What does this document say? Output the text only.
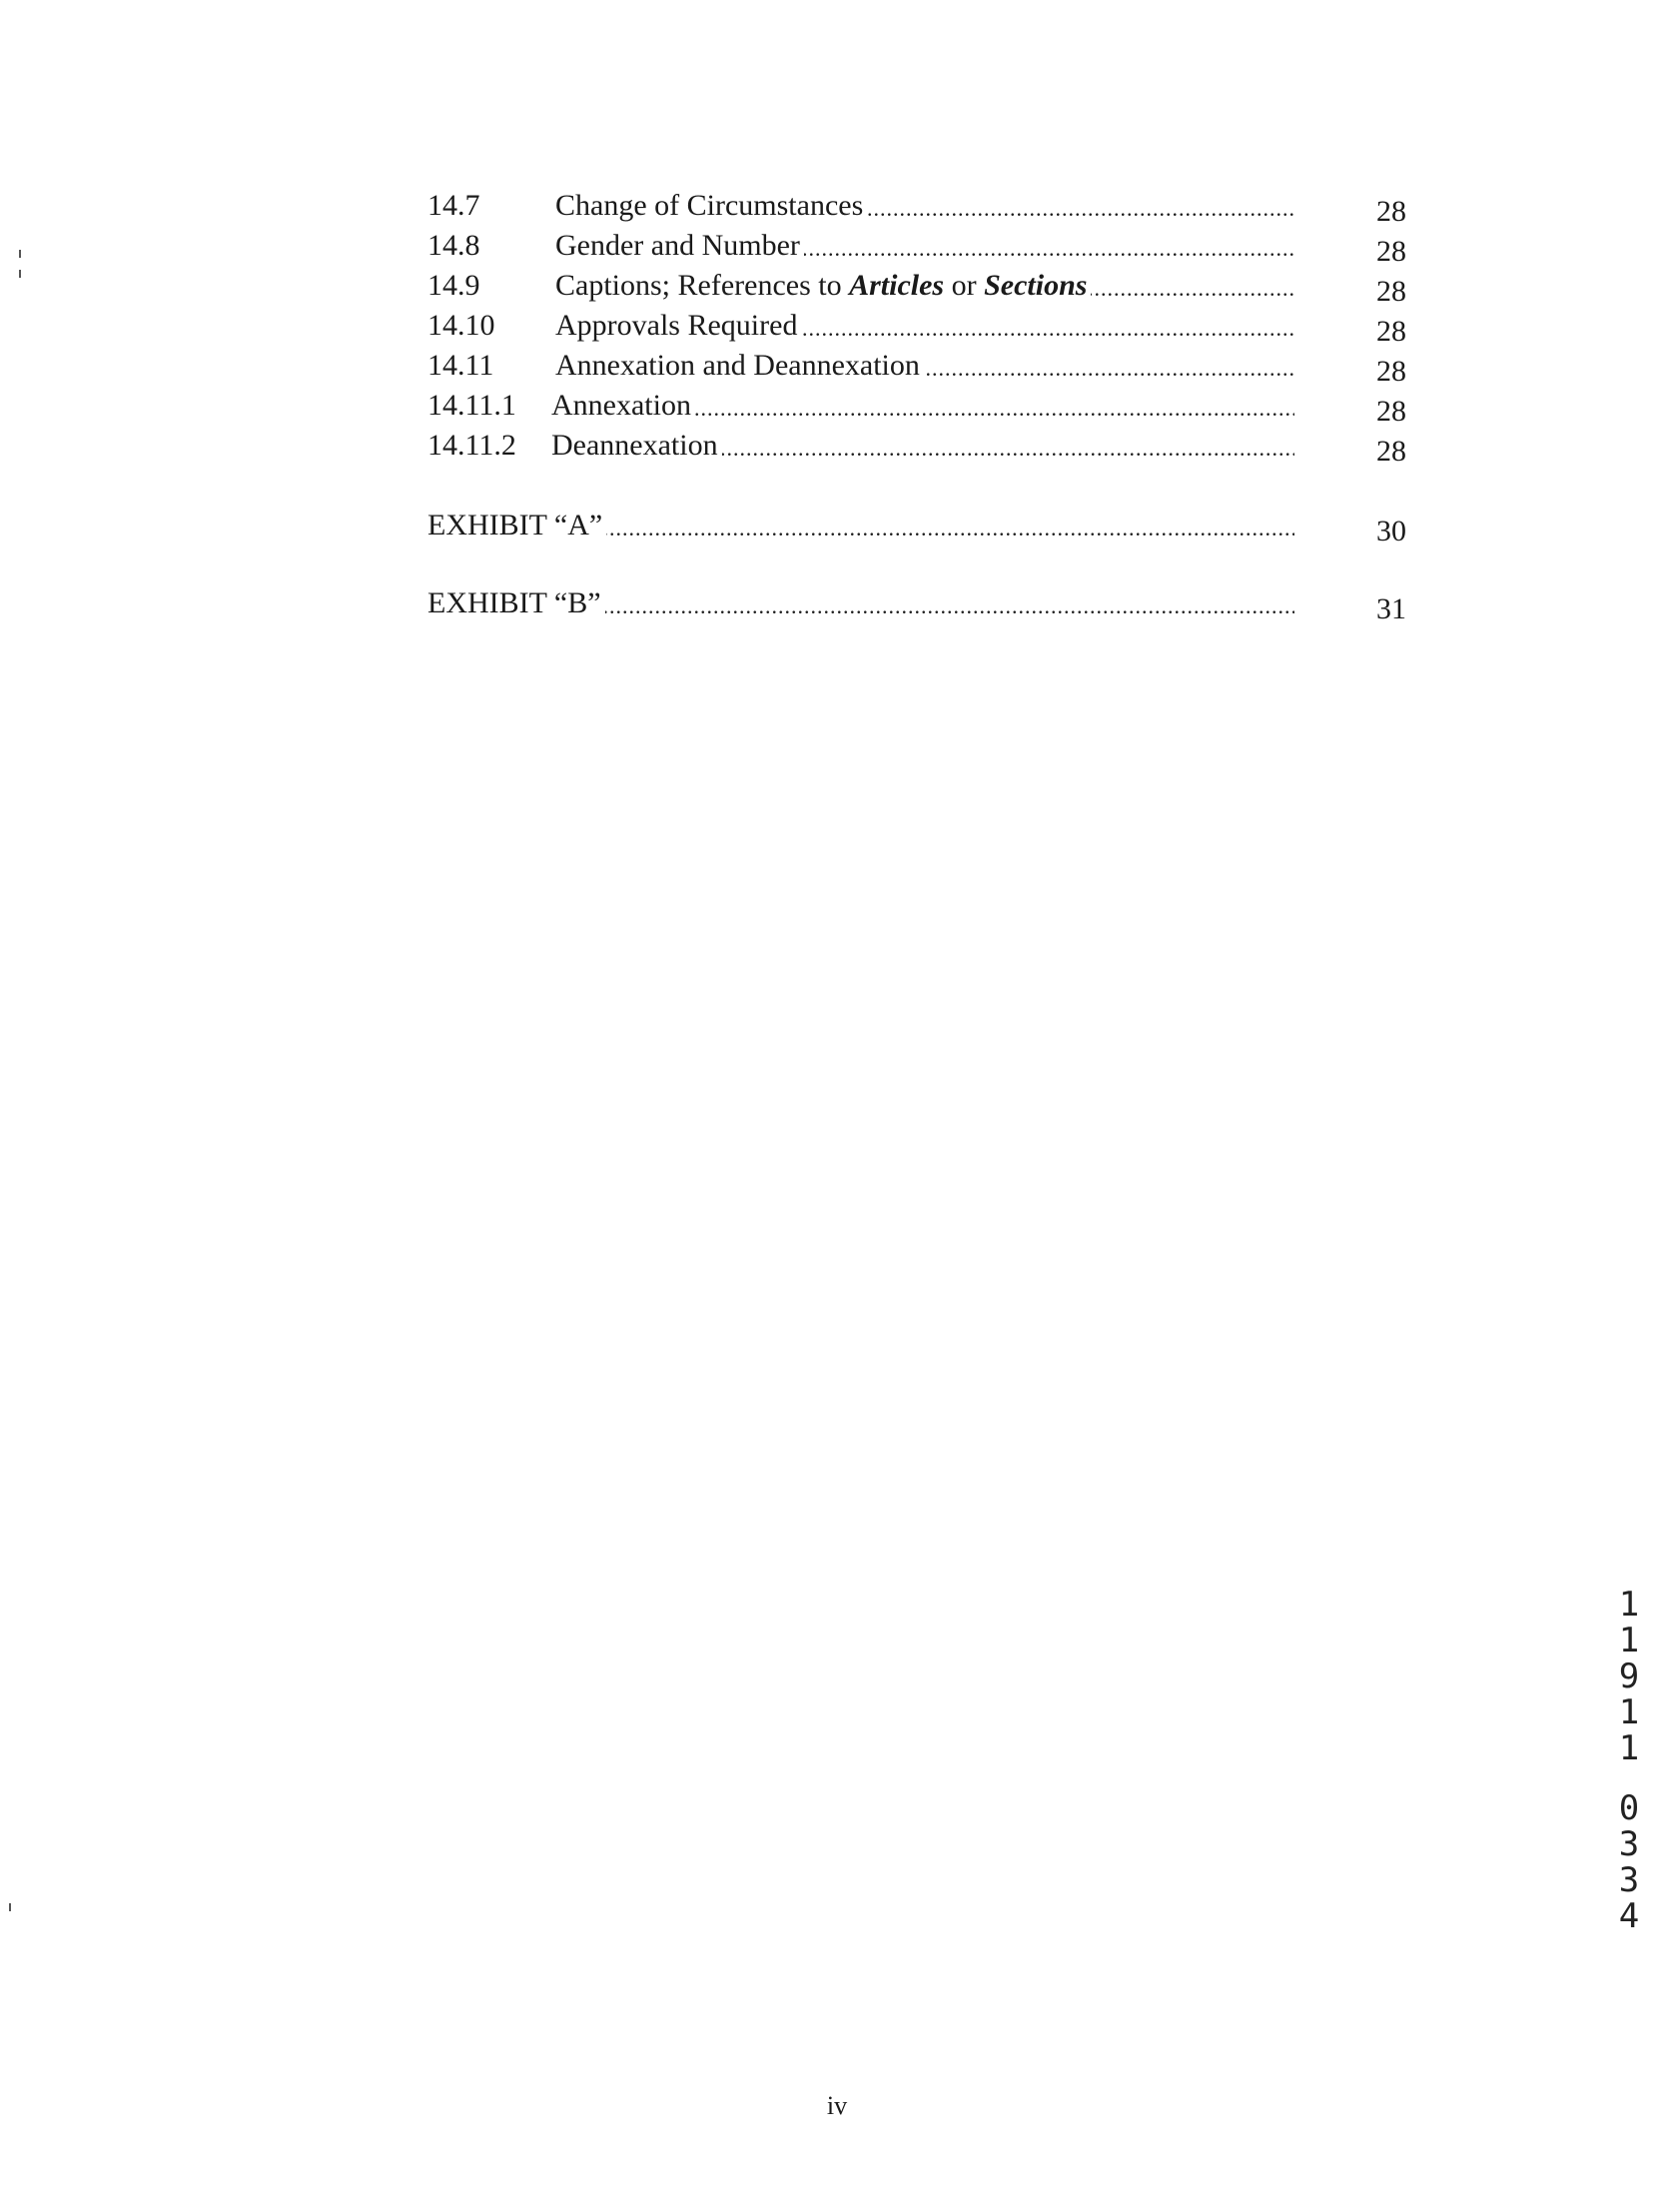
14.7	Change of Circumstances .....	28
14.8	Gender and Number .....	28
14.9	Captions; References to Articles or Sections .....	28
14.10 Approvals Required .....	28
14.11 Annexation and Deannexation .....	28
14.11.1 Annexation .....	28
14.11.2 Deannexation .....	28
EXHIBIT “A” .....	30
EXHIBIT “B” .....	31
1
1
9
1
1
0
3
3
4
iv
